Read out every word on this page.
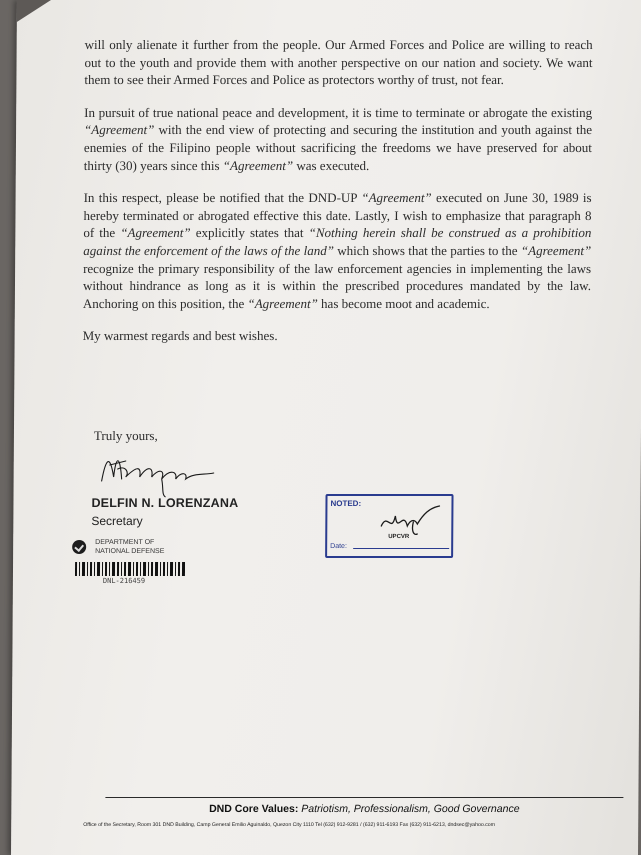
will only alienate it further from the people. Our Armed Forces and Police are willing to reach out to the youth and provide them with another perspective on our nation and society. We want them to see their Armed Forces and Police as protectors worthy of trust, not fear.

In pursuit of true national peace and development, it is time to terminate or abrogate the existing “Agreement” with the end view of protecting and securing the institution and youth against the enemies of the Filipino people without sacrificing the freedoms we have preserved for about thirty (30) years since this “Agreement” was executed.

In this respect, please be notified that the DND-UP “Agreement” executed on June 30, 1989 is hereby terminated or abrogated effective this date. Lastly, I wish to emphasize that paragraph 8 of the “Agreement” explicitly states that “Nothing herein shall be construed as a prohibition against the enforcement of the laws of the land” which shows that the parties to the “Agreement” recognize the primary responsibility of the law enforcement agencies in implementing the laws without hindrance as long as it is within the prescribed procedures mandated by the law. Anchoring on this position, the “Agreement” has become moot and academic.

My warmest regards and best wishes.

Truly yours,
DELFIN N. LORENZANA
Secretary
DEPARTMENT OF
NATIONAL DEFENSE
DNL-216459
NOTED:
UPCVR
Date:
DND Core Values: Patriotism, Professionalism, Good Governance
Office of the Secretary, Room 301 DND Building, Camp General Emilio Aguinaldo, Quezon City 1110 Tel (632) 912-9281 / (632) 911-6193 Fax (632) 911-6213, dndsec@yahoo.com
